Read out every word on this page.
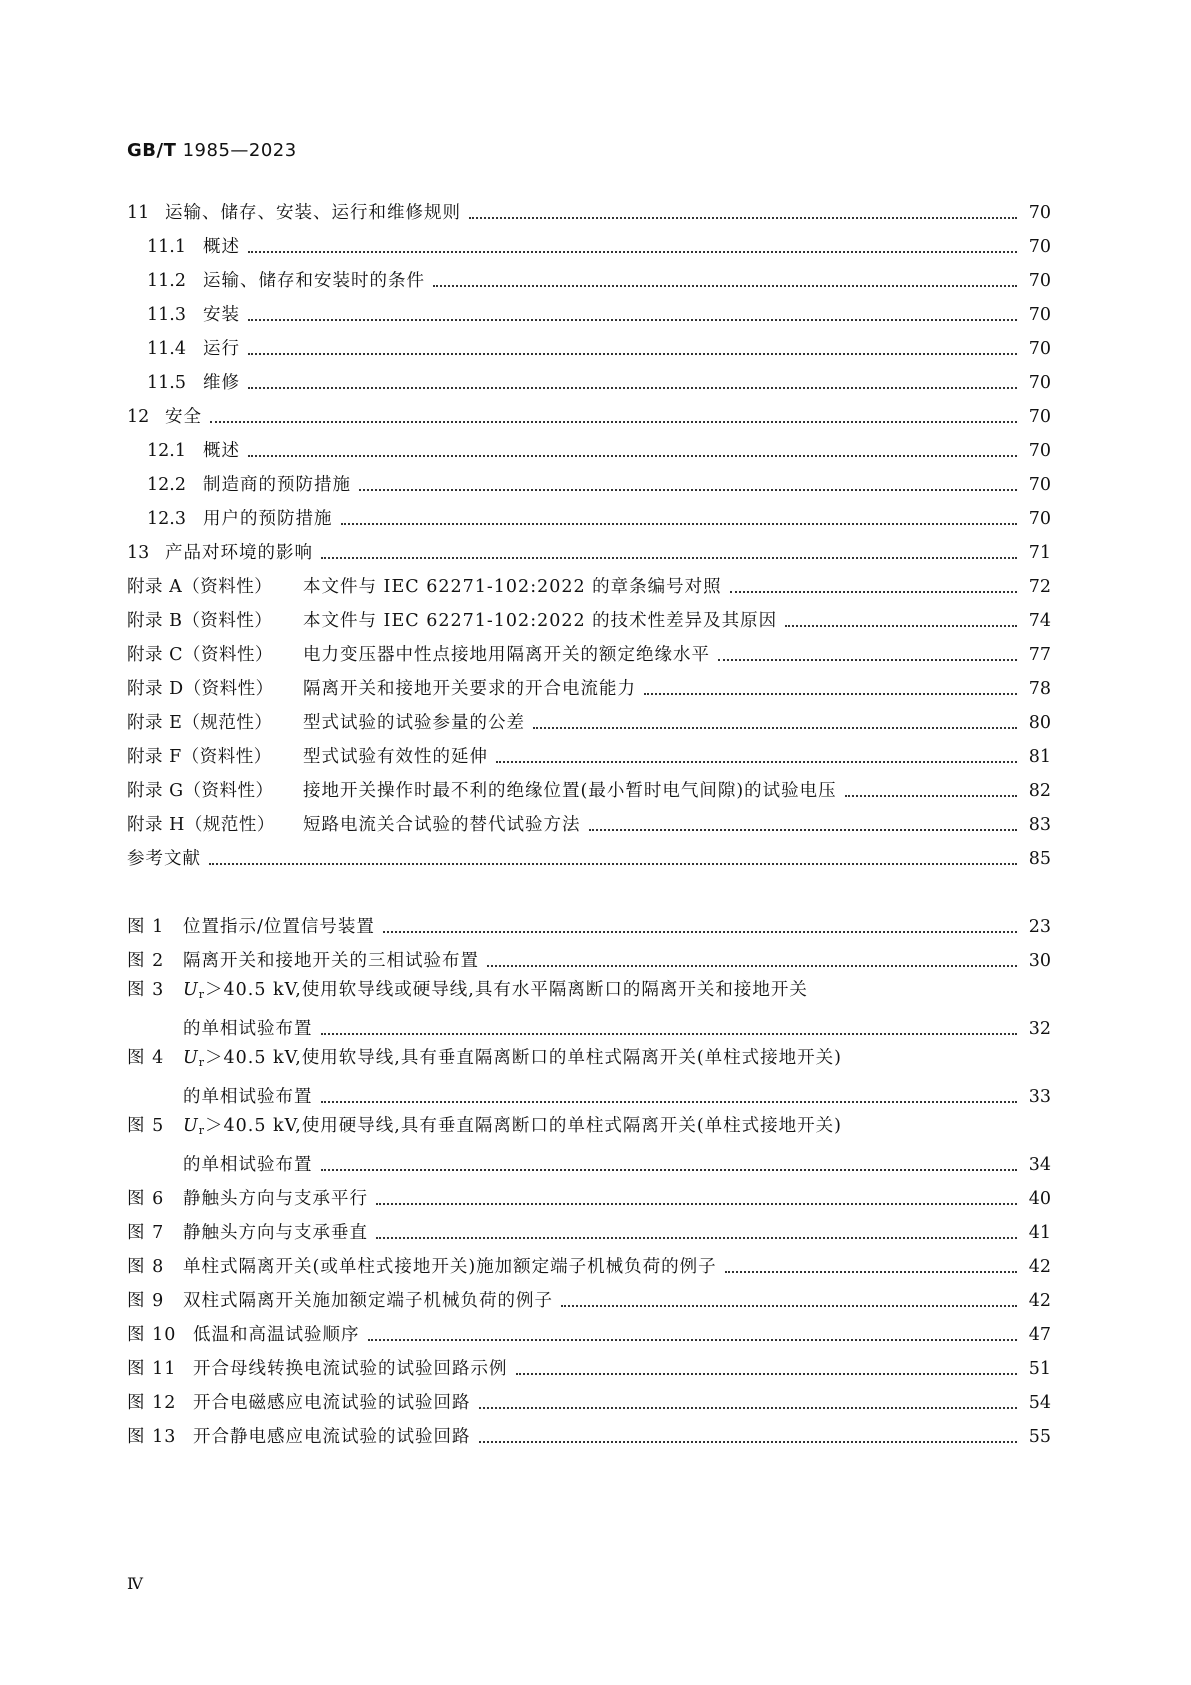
GB/T 1985—2023
11 运输、储存、安装、运行和维修规则	70
11.1 概述	70
11.2 运输、储存和安装时的条件	70
11.3 安装	70
11.4 运行	70
11.5 维修	70
12 安全	70
12.1 概述	70
12.2 制造商的预防措施	70
12.3 用户的预防措施	70
13 产品对环境的影响	71
附录 A（资料性） 本文件与 IEC 62271-102:2022 的章条编号对照	72
附录 B（资料性） 本文件与 IEC 62271-102:2022 的技术性差异及其原因	74
附录 C（资料性） 电力变压器中性点接地用隔离开关的额定绝缘水平	77
附录 D（资料性） 隔离开关和接地开关要求的开合电流能力	78
附录 E（规范性） 型式试验的试验参量的公差	80
附录 F（资料性） 型式试验有效性的延伸	81
附录 G（资料性） 接地开关操作时最不利的绝缘位置(最小暂时电气间隙)的试验电压	82
附录 H（规范性） 短路电流关合试验的替代试验方法	83
参考文献	85
图 1 位置指示/位置信号装置	23
图 2 隔离开关和接地开关的三相试验布置	30
图 3 $U_r>40.5$ kV,使用软导线或硬导线,具有水平隔离断口的隔离开关和接地开关
的单相试验布置	32
图 4 $U_r>40.5$ kV,使用软导线,具有垂直隔离断口的单柱式隔离开关(单柱式接地开关)
的单相试验布置	33
图 5 $U_r>40.5$ kV,使用硬导线,具有垂直隔离断口的单柱式隔离开关(单柱式接地开关)
的单相试验布置	34
图 6 静触头方向与支承平行	40
图 7 静触头方向与支承垂直	41
图 8 单柱式隔离开关(或单柱式接地开关)施加额定端子机械负荷的例子	42
图 9 双柱式隔离开关施加额定端子机械负荷的例子	42
图 10 低温和高温试验顺序	47
图 11 开合母线转换电流试验的试验回路示例	51
图 12 开合电磁感应电流试验的试验回路	54
图 13 开合静电感应电流试验的试验回路	55
Ⅳ
